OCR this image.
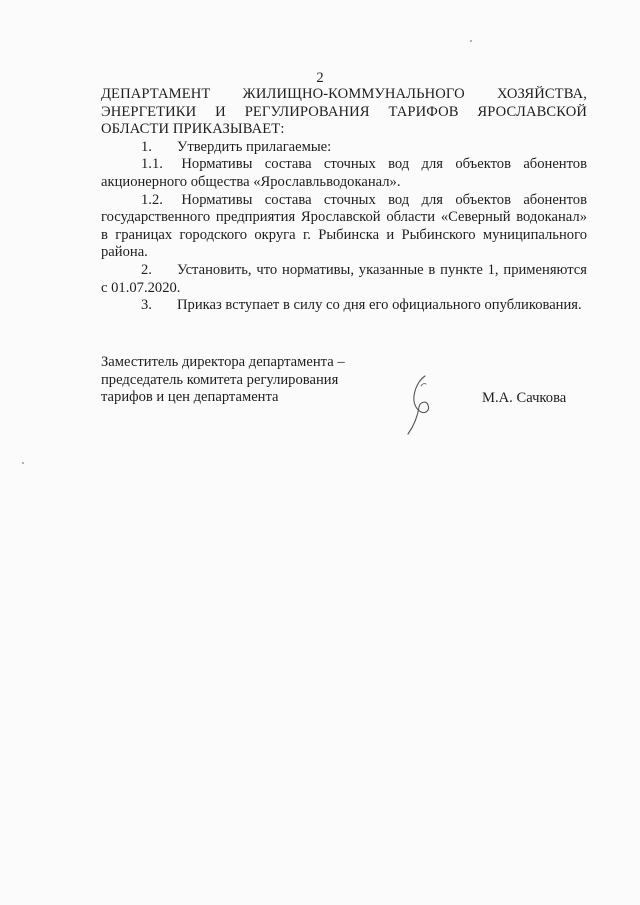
2
ДЕПАРТАМЕНТ ЖИЛИЩНО-КОММУНАЛЬНОГО ХОЗЯЙСТВА,
ЭНЕРГЕТИКИ И РЕГУЛИРОВАНИЯ ТАРИФОВ ЯРОСЛАВСКОЙ
ОБЛАСТИ ПРИКАЗЫВАЕТ:
1. Утвердить прилагаемые:
1.1. Нормативы состава сточных вод для объектов абонентов
акционерного общества «Ярославльводоканал».
1.2. Нормативы состава сточных вод для объектов абонентов
государственного предприятия Ярославской области «Северный водоканал»
в границах городского округа г. Рыбинска и Рыбинского муниципального
района.
2. Установить, что нормативы, указанные в пункте 1, применяются
с 01.07.2020.
3. Приказ вступает в силу со дня его официального опубликования.
Заместитель директора департамента –
председатель комитета регулирования
тарифов и цен департамента	М.А. Сачкова
